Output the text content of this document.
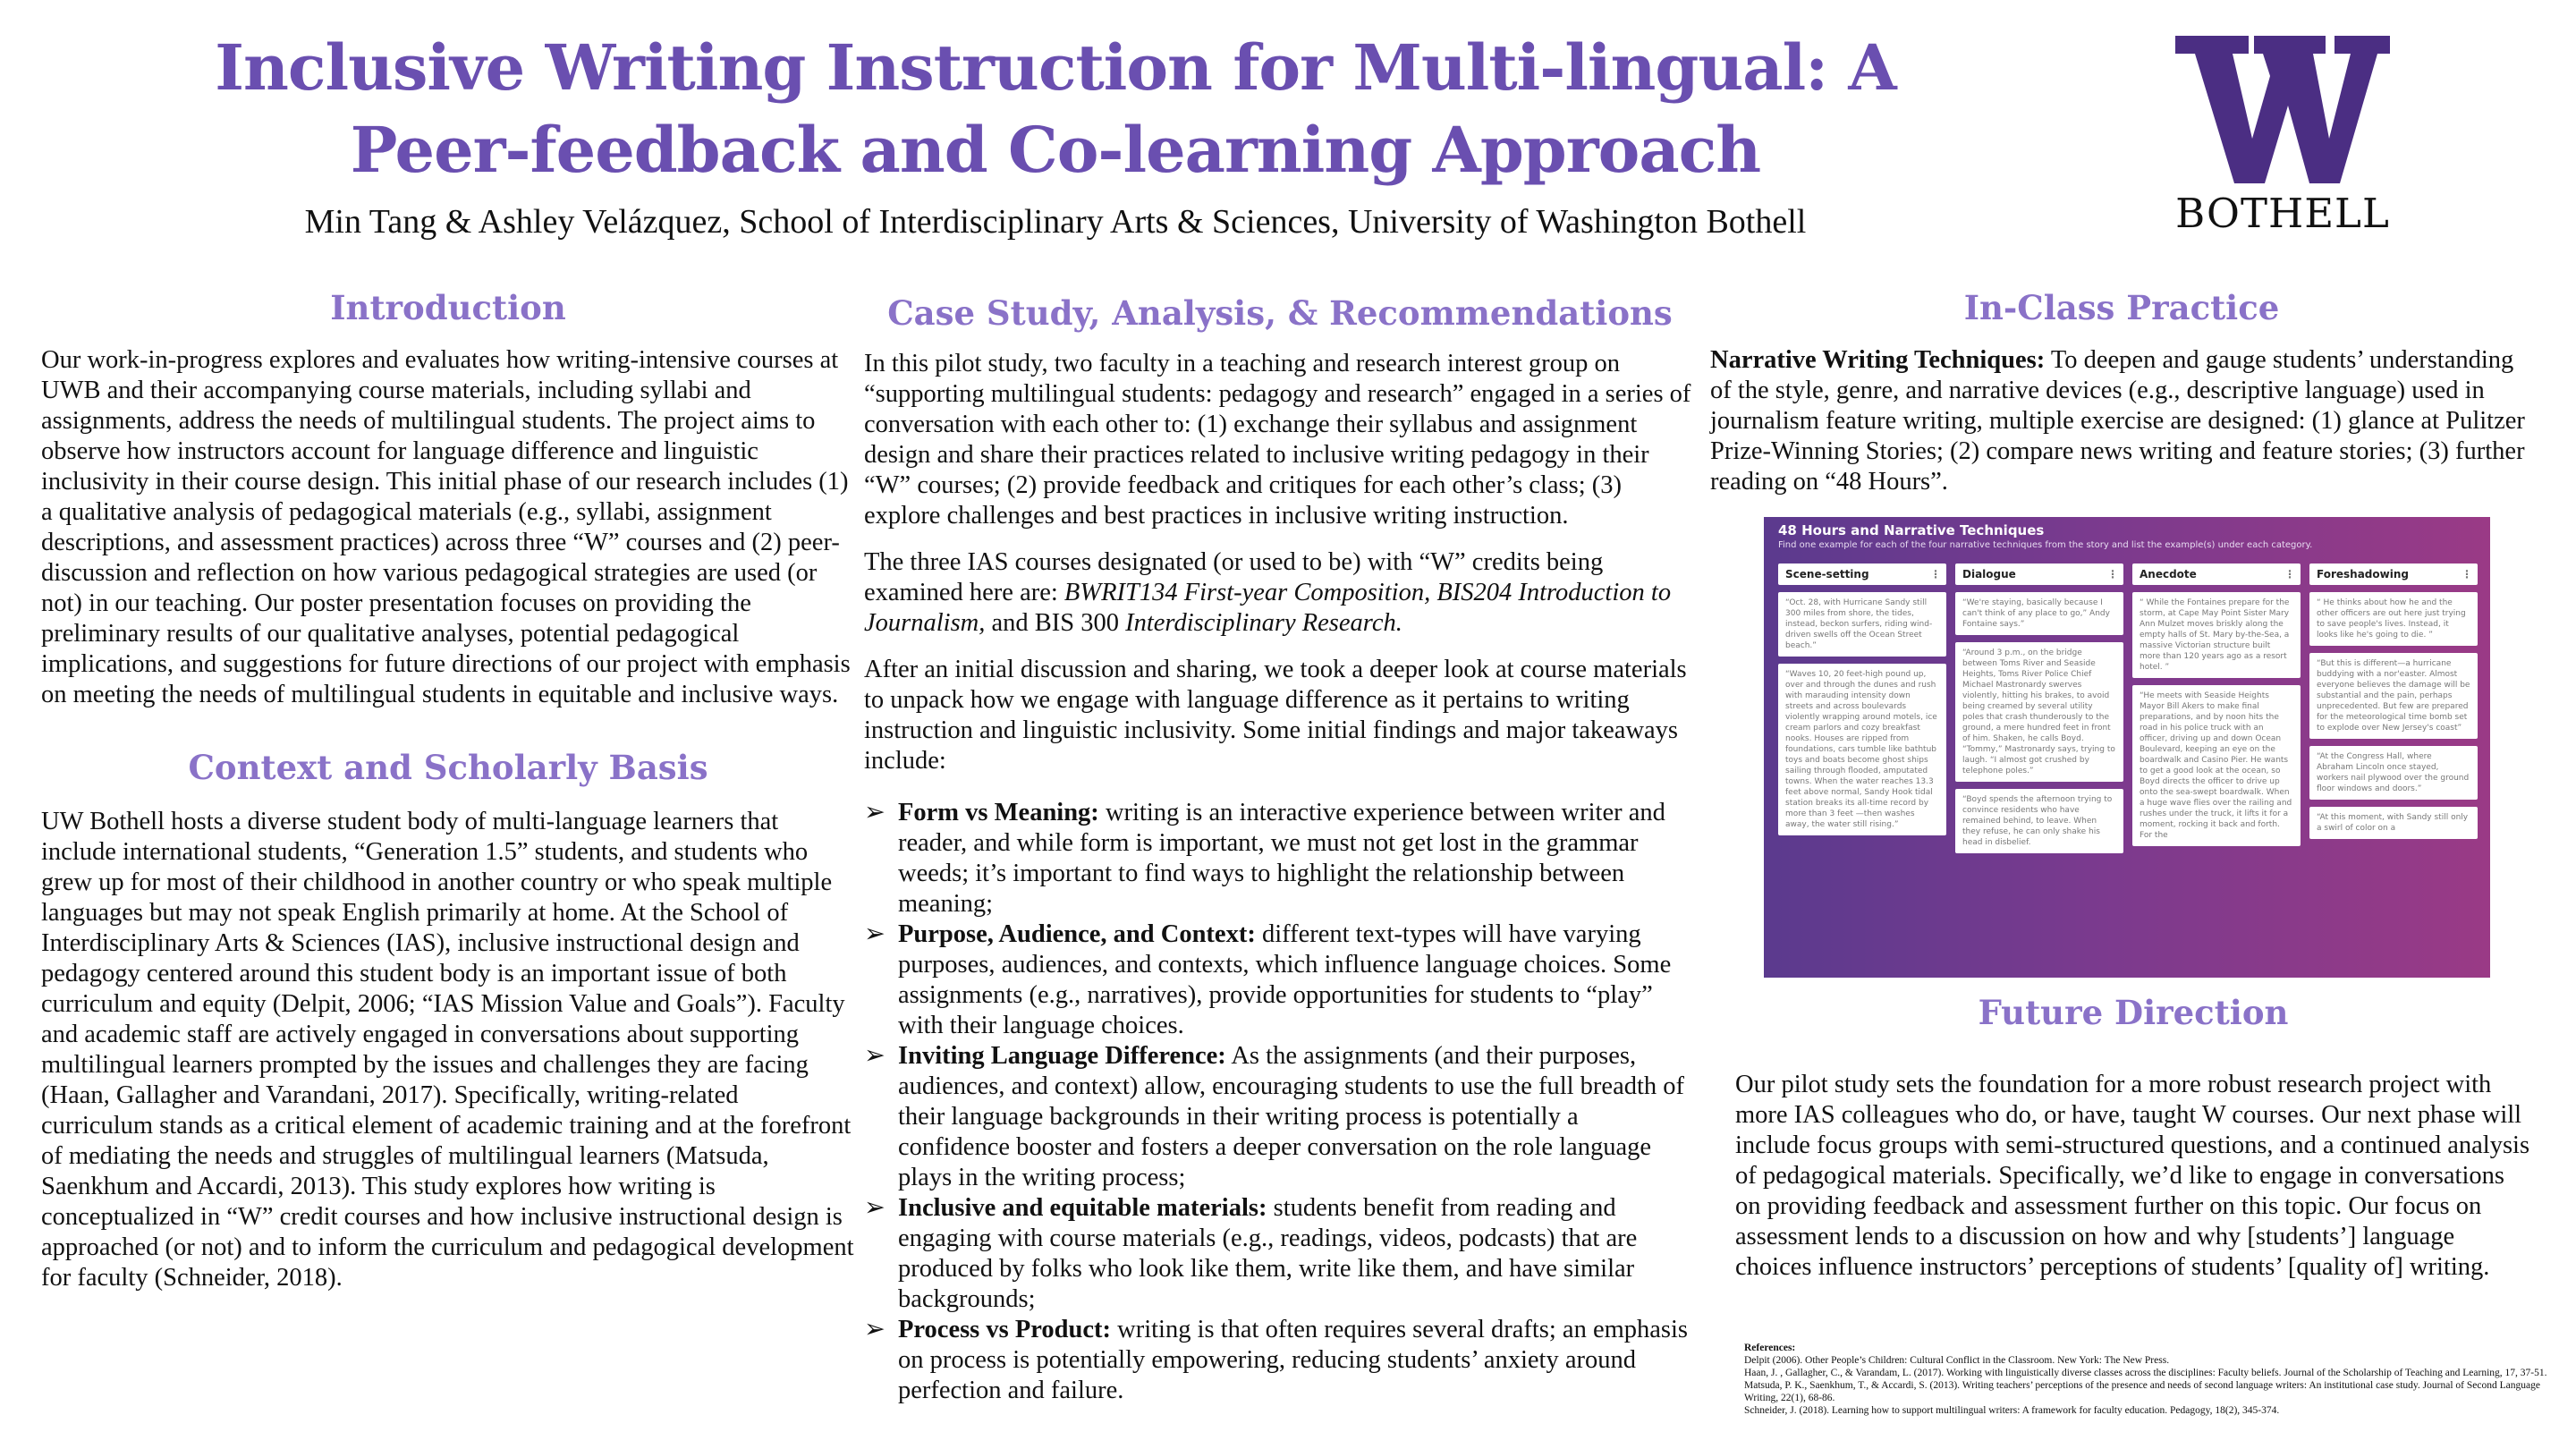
Inclusive Writing Instruction for Multi-lingual: A
Peer-feedback and Co-learning Approach

Min Tang & Ashley Velázquez, School of Interdisciplinary Arts & Sciences, University of Washington Bothell	BOTHELL
Introduction

Our work-in-progress explores and evaluates how writing-intensive courses at UWB and their accompanying course materials, including syllabi and assignments, address the needs of multilingual students. The project aims to observe how instructors account for language difference and linguistic inclusivity in their course design. This initial phase of our research includes (1) a qualitative analysis of pedagogical materials (e.g., syllabi, assignment descriptions, and assessment practices) across three “W” courses and (2) peer-discussion and reflection on how various pedagogical strategies are used (or not) in our teaching. Our poster presentation focuses on providing the preliminary results of our qualitative analyses, potential pedagogical implications, and suggestions for future directions of our project with emphasis on meeting the needs of multilingual students in equitable and inclusive ways.

Context and Scholarly Basis

UW Bothell hosts a diverse student body of multi-language learners that include international students, “Generation 1.5” students, and students who grew up for most of their childhood in another country or who speak multiple languages but may not speak English primarily at home. At the School of Interdisciplinary Arts & Sciences (IAS), inclusive instructional design and pedagogy centered around this student body is an important issue of both curriculum and equity (Delpit, 2006; “IAS Mission Value and Goals”). Faculty and academic staff are actively engaged in conversations about supporting multilingual learners prompted by the issues and challenges they are facing (Haan, Gallagher and Varandani, 2017). Specifically, writing-related curriculum stands as a critical element of academic training and at the forefront of mediating the needs and struggles of multilingual learners (Matsuda, Saenkhum and Accardi, 2013). This study explores how writing is conceptualized in “W” credit courses and how inclusive instructional design is approached (or not) and to inform the curriculum and pedagogical development for faculty (Schneider, 2018).

Case Study, Analysis, & Recommendations

In this pilot study, two faculty in a teaching and research interest group on “supporting multilingual students: pedagogy and research” engaged in a series of conversation with each other to: (1) exchange their syllabus and assignment design and share their practices related to inclusive writing pedagogy in their “W” courses; (2) provide feedback and critiques for each other’s class; (3) explore challenges and best practices in inclusive writing instruction.

The three IAS courses designated (or used to be) with “W” credits being examined here are: BWRIT134 First-year Composition, BIS204 Introduction to Journalism, and BIS 300 Interdisciplinary Research.

After an initial discussion and sharing, we took a deeper look at course materials to unpack how we engage with language difference as it pertains to writing instruction and linguistic inclusivity. Some initial findings and major takeaways include:

➢ Form vs Meaning: writing is an interactive experience between writer and reader, and while form is important, we must not get lost in the grammar weeds; it’s important to find ways to highlight the relationship between meaning;
➢ Purpose, Audience, and Context: different text-types will have varying purposes, audiences, and contexts, which influence language choices. Some assignments (e.g., narratives), provide opportunities for students to “play” with their language choices.
➢ Inviting Language Difference: As the assignments (and their purposes, audiences, and context) allow, encouraging students to use the full breadth of their language backgrounds in their writing process is potentially a confidence booster and fosters a deeper conversation on the role language plays in the writing process;
➢ Inclusive and equitable materials: students benefit from reading and engaging with course materials (e.g., readings, videos, podcasts) that are produced by folks who look like them, write like them, and have similar backgrounds;
➢ Process vs Product: writing is that often requires several drafts; an emphasis on process is potentially empowering, reducing students’ anxiety around perfection and failure.
In-Class Practice

Narrative Writing Techniques: To deepen and gauge students’ understanding of the style, genre, and narrative devices (e.g., descriptive language) used in journalism feature writing, multiple exercise are designed: (1) glance at Pulitzer Prize-Winning Stories; (2) compare news writing and feature stories; (3) further reading on “48 Hours”.

48 Hours and Narrative Techniques
Find one example for each of the four narrative techniques from the story and list the example(s) under each category.
Scene-setting	⋮
“Oct. 28, with Hurricane Sandy still 300 miles from shore, the tides, instead, beckon surfers, riding wind-driven swells off the Ocean Street beach.”
“Waves 10, 20 feet-high pound up, over and through the dunes and rush with marauding intensity down streets and across boulevards violently wrapping around motels, ice cream parlors and cozy breakfast nooks. Houses are ripped from foundations, cars tumble like bathtub toys and boats become ghost ships sailing through flooded, amputated towns. When the water reaches 13.3 feet above normal, Sandy Hook tidal station breaks its all-time record by more than 3 feet —then washes away, the water still rising.”
Dialogue	⋮
“We're staying, basically because I can't think of any place to go,” Andy Fontaine says.”
“Around 3 p.m., on the bridge between Toms River and Seaside Heights, Toms River Police Chief Michael Mastronardy swerves violently, hitting his brakes, to avoid being creamed by several utility poles that crash thunderously to the ground, a mere hundred feet in front of him. Shaken, he calls Boyd. “Tommy,” Mastronardy says, trying to laugh. “I almost got crushed by telephone poles.”
“Boyd spends the afternoon trying to convince residents who have remained behind, to leave. When they refuse, he can only shake his head in disbelief.
Anecdote	⋮
“ While the Fontaines prepare for the storm, at Cape May Point Sister Mary Ann Mulzet moves briskly along the empty halls of St. Mary by-the-Sea, a massive Victorian structure built more than 120 years ago as a resort hotel. ”
“He meets with Seaside Heights Mayor Bill Akers to make final preparations, and by noon hits the road in his police truck with an officer, driving up and down Ocean Boulevard, keeping an eye on the boardwalk and Casino Pier. He wants to get a good look at the ocean, so Boyd directs the officer to drive up onto the sea-swept boardwalk. When a huge wave flies over the railing and rushes under the truck, it lifts it for a moment, rocking it back and forth. For the
Foreshadowing	⋮
“ He thinks about how he and the other officers are out here just trying to save people's lives. Instead, it looks like he's going to die. ”
“But this is different—a hurricane buddying with a nor'easter. Almost everyone believes the damage will be substantial and the pain, perhaps unprecedented. But few are prepared for the meteorological time bomb set to explode over New Jersey's coast”
“At the Congress Hall, where Abraham Lincoln once stayed, workers nail plywood over the ground floor windows and doors.”
“At this moment, with Sandy still only a swirl of color on a
Future Direction

Our pilot study sets the foundation for a more robust research project with more IAS colleagues who do, or have, taught W courses. Our next phase will include focus groups with semi-structured questions, and a continued analysis of pedagogical materials. Specifically, we’d like to engage in conversations on providing feedback and assessment further on this topic. Our focus on assessment lends to a discussion on how and why [students’] language choices influence instructors’ perceptions of students’ [quality of] writing.

References:

Delpit (2006). Other People’s Children: Cultural Conflict in the Classroom. New York: The New Press.

Haan, J. , Gallagher, C., & Varandam, L. (2017). Working with linguistically diverse classes across the disciplines: Faculty beliefs. Journal of the Scholarship of Teaching and Learning, 17, 37-51.

Matsuda, P. K., Saenkhum, T., & Accardi, S. (2013). Writing teachers’ perceptions of the presence and needs of second language writers: An institutional case study. Journal of Second Language Writing, 22(1), 68-86.

Schneider, J. (2018). Learning how to support multilingual writers: A framework for faculty education. Pedagogy, 18(2), 345-374.
